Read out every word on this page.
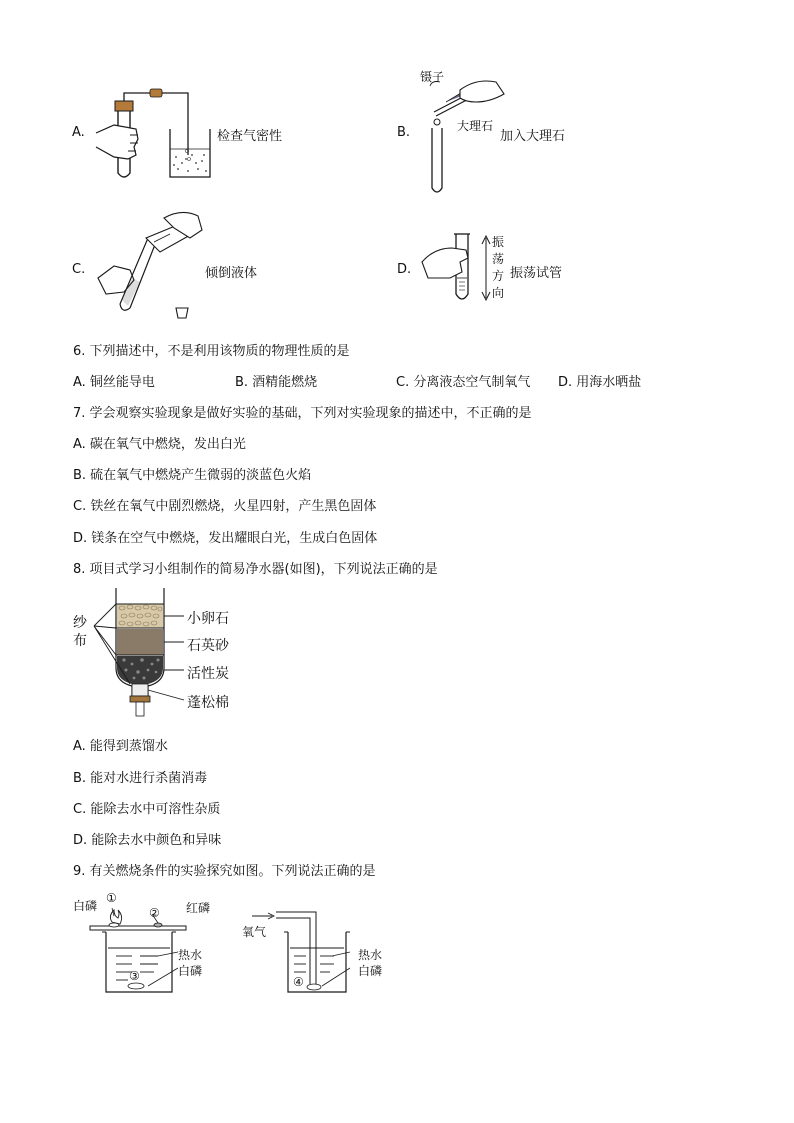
A.	检查气密性	B.
镊子
大理石
加入大理石
C.	倾倒液体	D.
振
荡
方
向
振荡试管
6. 下列描述中，不是利用该物质的物理性质的是
A. 铜丝能导电	B. 酒精能燃烧	C. 分离液态空气制氧气 D. 用海水晒盐
7. 学会观察实验现象是做好实验的基础，下列对实验现象的描述中，不正确的是
A. 碳在氧气中燃烧，发出白光
B. 硫在氧气中燃烧产生微弱的淡蓝色火焰
C. 铁丝在氧气中剧烈燃烧，火星四射，产生黑色固体
D. 镁条在空气中燃烧，发出耀眼白光，生成白色固体
8. 项目式学习小组制作的简易净水器(如图)，下列说法正确的是
纱
布
小卵石
石英砂
活性炭
蓬松棉
A. 能得到蒸馏水
B. 能对水进行杀菌消毒
C. 能除去水中可溶性杂质
D. 能除去水中颜色和异味
9. 有关燃烧条件的实验探究如图。下列说法正确的是
白磷
①
② 红磷
热水
白磷
③
氧气
热水
白磷
④
